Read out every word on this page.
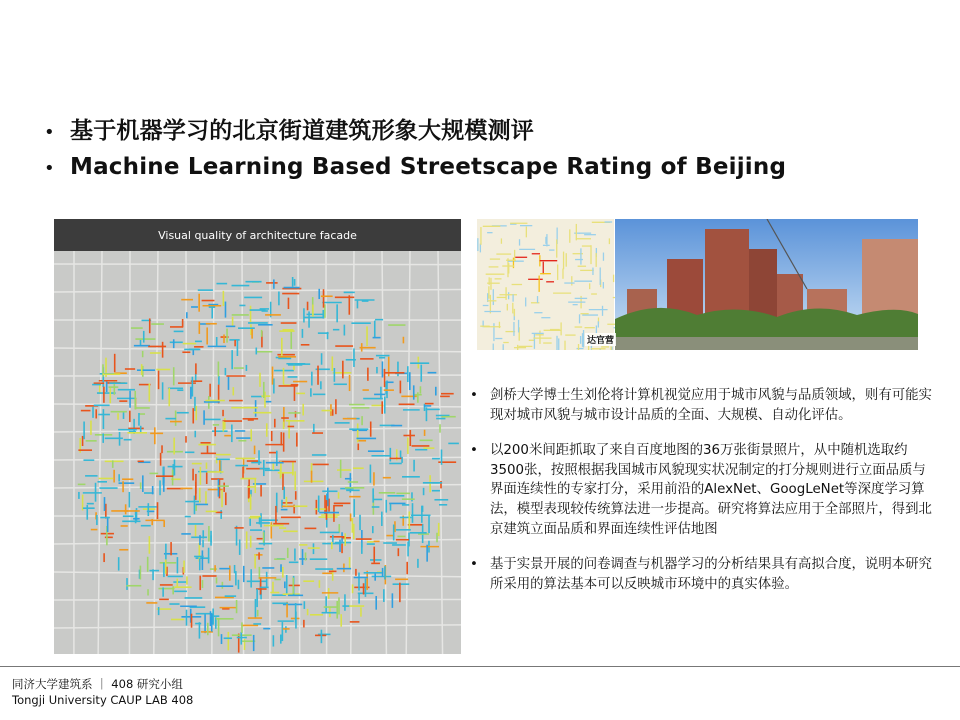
• 基于机器学习的北京街道建筑形象大规模测评
• Machine Learning Based Streetscape Rating of Beijing
Visual quality of architecture facade
达官营
• 剑桥大学博士生刘伦将计算机视觉应用于城市风貌与品质领域，则有可能实现对城市风貌与城市设计品质的全面、大规模、自动化评估。
• 以200米间距抓取了来自百度地图的36万张街景照片，从中随机选取约3500张，按照根据我国城市风貌现实状况制定的打分规则进行立面品质与界面连续性的专家打分，采用前沿的AlexNet、GoogLeNet等深度学习算法，模型表现较传统算法进一步提高。研究将算法应用于全部照片，得到北京建筑立面品质和界面连续性评估地图
• 基于实景开展的问卷调查与机器学习的分析结果具有高拟合度，说明本研究所采用的算法基本可以反映城市环境中的真实体验。
同济大学建筑系 ｜ 408 研究小组
Tongji University CAUP LAB 408
